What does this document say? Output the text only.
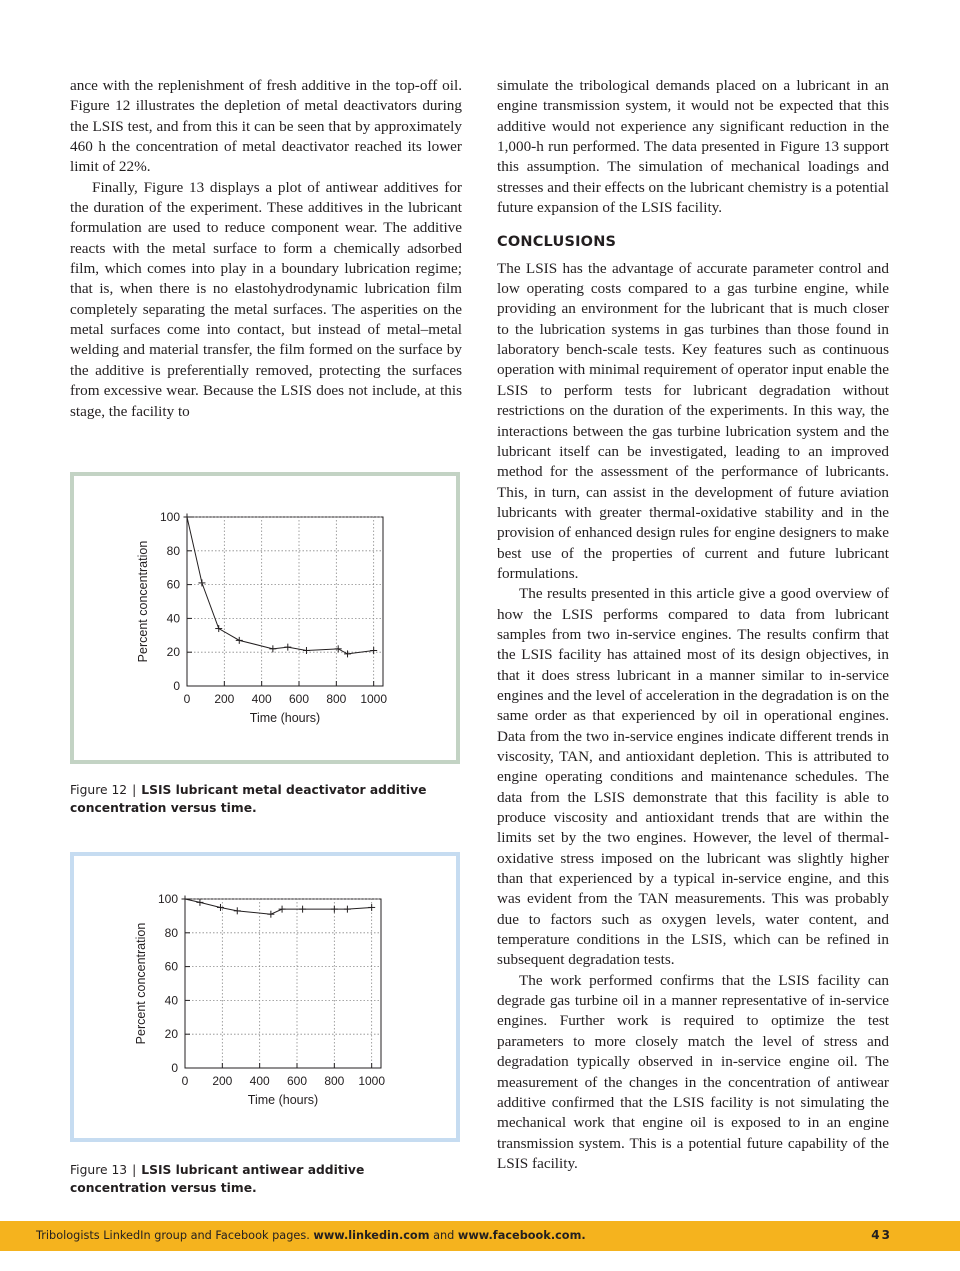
ance with the replenishment of fresh additive in the top-off oil. Figure 12 illustrates the depletion of metal deactivators during the LSIS test, and from this it can be seen that by approximately 460 h the concentration of metal deactivator reached its lower limit of 22%.

Finally, Figure 13 displays a plot of antiwear additives for the duration of the experiment. These additives in the lubricant formulation are used to reduce component wear. The additive reacts with the metal surface to form a chemically adsorbed film, which comes into play in a boundary lubrication regime; that is, when there is no elastohydrodynamic lubrication film completely separating the metal surfaces. The asperities on the metal surfaces come into contact, but instead of metal–metal welding and material transfer, the film formed on the surface by the additive is preferentially removed, protecting the surfaces from excessive wear. Because the LSIS does not include, at this stage, the facility to

simulate the tribological demands placed on a lubricant in an engine transmission system, it would not be expected that this additive would not experience any significant reduction in the 1,000-h run performed. The data presented in Figure 13 support this assumption. The simulation of mechanical loadings and stresses and their effects on the lubricant chemistry is a potential future expansion of the LSIS facility.

CONCLUSIONS

The LSIS has the advantage of accurate parameter control and low operating costs compared to a gas turbine engine, while providing an environment for the lubricant that is much closer to the lubrication systems in gas turbines than those found in laboratory bench-scale tests. Key features such as continuous operation with minimal requirement of operator input enable the LSIS to perform tests for lubricant degradation without restrictions on the duration of the experiments. In this way, the interactions between the gas turbine lubrication system and the lubricant itself can be investigated, leading to an improved method for the assessment of the performance of lubricants. This, in turn, can assist in the development of future aviation lubricants with greater thermal-oxidative stability and in the provision of enhanced design rules for engine designers to make best use of the properties of current and future lubricant formulations.

The results presented in this article give a good overview of how the LSIS performs compared to data from lubricant samples from two in-service engines. The results confirm that the LSIS facility has attained most of its design objectives, in that it does stress lubricant in a manner similar to in-service engines and the level of acceleration in the degradation is on the same order as that experienced by oil in operational engines. Data from the two in-service engines indicate different trends in viscosity, TAN, and antioxidant depletion. This is attributed to engine operating conditions and maintenance schedules. The data from the LSIS demonstrate that this facility is able to produce viscosity and antioxidant trends that are within the limits set by the two engines. However, the level of thermal-oxidative stress imposed on the lubricant was slightly higher than that experienced by a typical in-service engine, and this was evident from the TAN measurements. This was probably due to factors such as oxygen levels, water content, and temperature conditions in the LSIS, which can be refined in subsequent degradation tests.

The work performed confirms that the LSIS facility can degrade gas turbine oil in a manner representative of in-service engines. Further work is required to optimize the test parameters to more closely match the level of stress and degradation typically observed in in-service engine oil. The measurement of the changes in the concentration of antiwear additive confirmed that the LSIS facility is not simulating the mechanical work that engine oil is exposed to in an engine transmission system. This is a potential future capability of the LSIS facility.

0 200 400 600 800 1000
0
20
40
60
80
100
Time (hours)
Percent concentration
Figure 12 | LSIS lubricant metal deactivator additive concentration versus time.
0 200 400 600 800 1000
0
20
40
60
80
100
Time (hours)
Percent concentration
Figure 13 | LSIS lubricant antiwear additive concentration versus time.
Tribologists LinkedIn group and Facebook pages. www.linkedin.com and www.facebook.com.	43
